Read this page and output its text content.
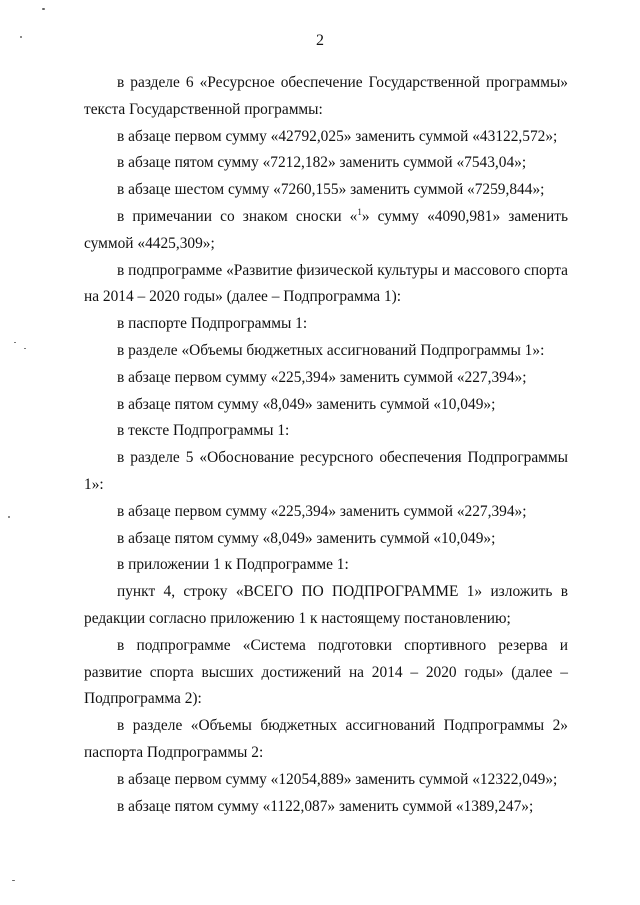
2

в разделе 6 «Ресурсное обеспечение Государственной программы» текста Государственной программы:

в абзаце первом сумму «42792,025» заменить суммой «43122,572»;

в абзаце пятом сумму «7212,182» заменить суммой «7543,04»;

в абзаце шестом сумму «7260,155» заменить суммой «7259,844»;

в примечании со знаком сноски «$^1$» сумму «4090,981» заменить суммой «4425,309»;

в подпрограмме «Развитие физической культуры и массового спорта на 2014 – 2020 годы» (далее – Подпрограмма 1):

в паспорте Подпрограммы 1:

в разделе «Объемы бюджетных ассигнований Подпрограммы 1»:

в абзаце первом сумму «225,394» заменить суммой «227,394»;

в абзаце пятом сумму «8,049» заменить суммой «10,049»;

в тексте Подпрограммы 1:

в разделе 5 «Обоснование ресурсного обеспечения Подпрограммы 1»:

в абзаце первом сумму «225,394» заменить суммой «227,394»;

в абзаце пятом сумму «8,049» заменить суммой «10,049»;

в приложении 1 к Подпрограмме 1:

пункт 4, строку «ВСЕГО ПО ПОДПРОГРАММЕ 1» изложить в редакции согласно приложению 1 к настоящему постановлению;

в подпрограмме «Система подготовки спортивного резерва и развитие спорта высших достижений на 2014 – 2020 годы» (далее – Подпрограмма 2):

в разделе «Объемы бюджетных ассигнований Подпрограммы 2» паспорта Подпрограммы 2:

в абзаце первом сумму «12054,889» заменить суммой «12322,049»;

в абзаце пятом сумму «1122,087» заменить суммой «1389,247»;
